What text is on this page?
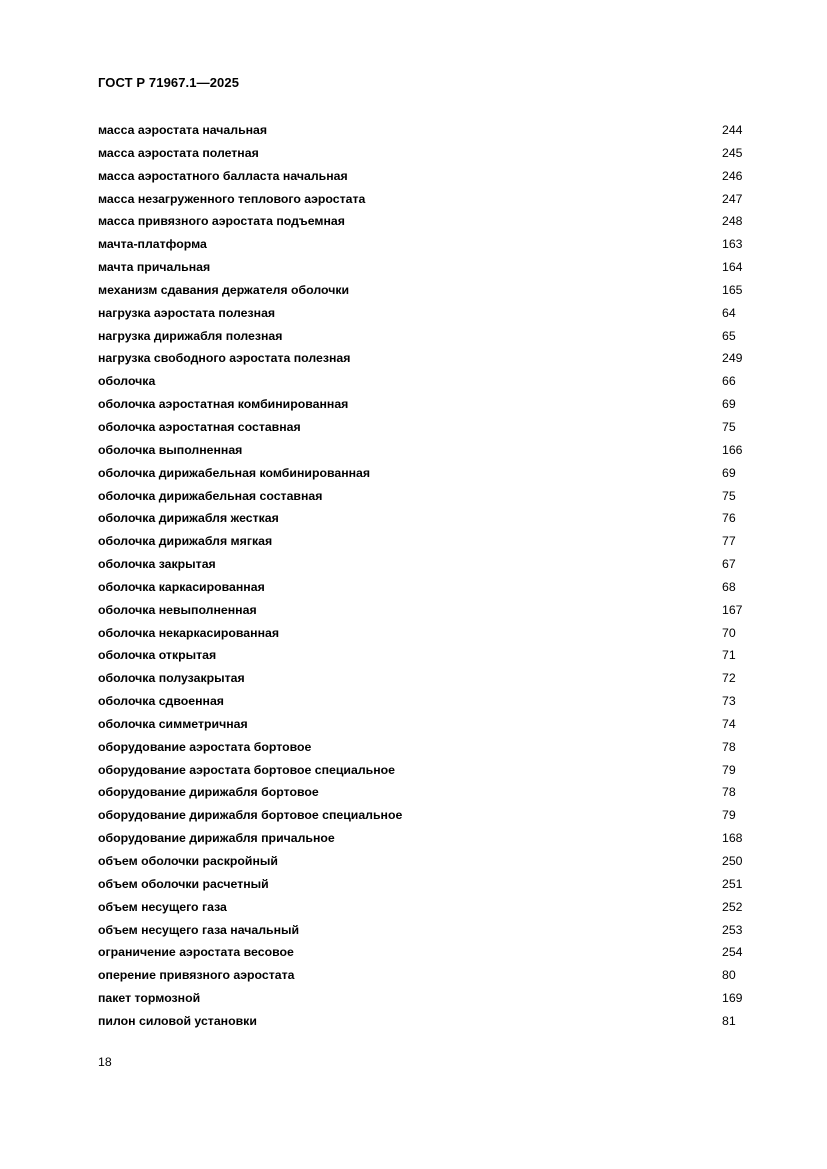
ГОСТ Р 71967.1—2025
масса аэростата начальная	244
масса аэростата полетная	245
масса аэростатного балласта начальная	246
масса незагруженного теплового аэростата	247
масса привязного аэростата подъемная	248
мачта-платформа	163
мачта причальная	164
механизм сдавания держателя оболочки	165
нагрузка аэростата полезная	64
нагрузка дирижабля полезная	65
нагрузка свободного аэростата полезная	249
оболочка	66
оболочка аэростатная комбинированная	69
оболочка аэростатная составная	75
оболочка выполненная	166
оболочка дирижабельная комбинированная	69
оболочка дирижабельная составная	75
оболочка дирижабля жесткая	76
оболочка дирижабля мягкая	77
оболочка закрытая	67
оболочка каркасированная	68
оболочка невыполненная	167
оболочка некаркасированная	70
оболочка открытая	71
оболочка полузакрытая	72
оболочка сдвоенная	73
оболочка симметричная	74
оборудование аэростата бортовое	78
оборудование аэростата бортовое специальное	79
оборудование дирижабля бортовое	78
оборудование дирижабля бортовое специальное	79
оборудование дирижабля причальное	168
объем оболочки раскройный	250
объем оболочки расчетный	251
объем несущего газа	252
объем несущего газа начальный	253
ограничение аэростата весовое	254
оперение привязного аэростата	80
пакет тормозной	169
пилон силовой установки	81
18
